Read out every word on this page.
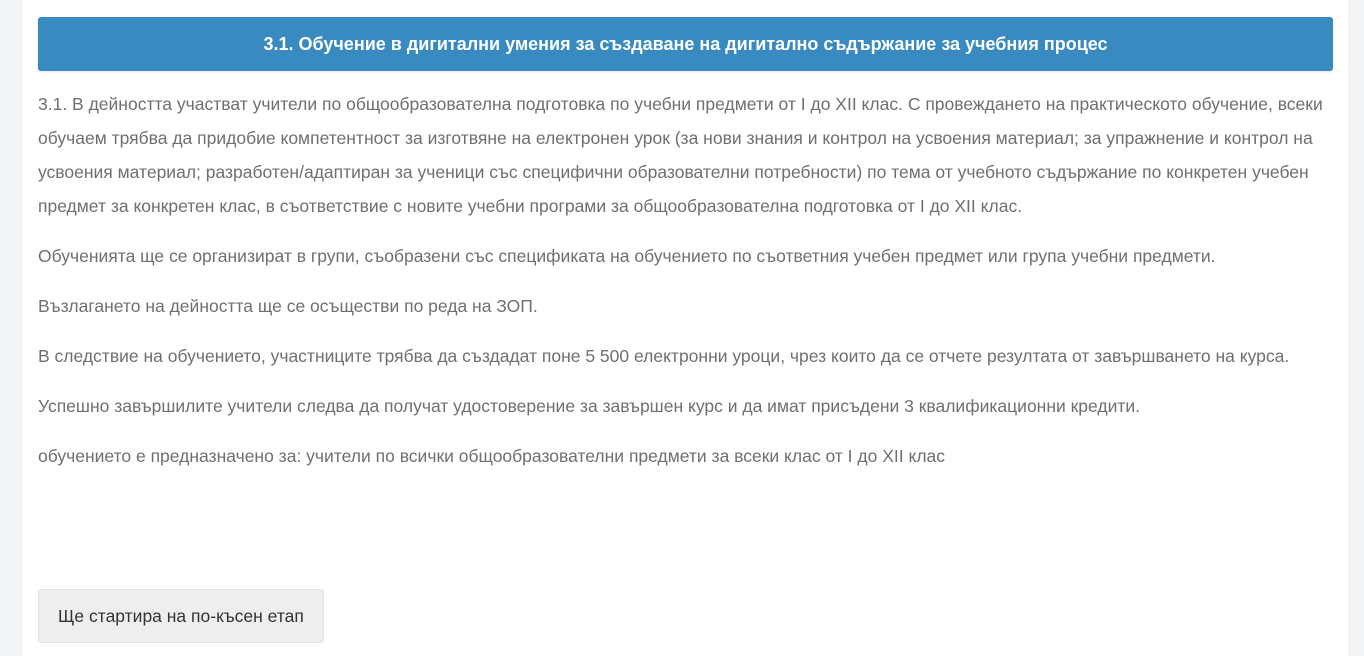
3.1. Обучение в дигитални умения за създаване на дигитално съдържание за учебния процес

3.1. В дейността участват учители по общообразователна подготовка по учебни предмети от I до XII клас. С провеждането на практическото обучение, всеки обучаем трябва да придобие компетентност за изготвяне на електронен урок (за нови знания и контрол на усвоения материал; за упражнение и контрол на усвоения материал; разработен/адаптиран за ученици със специфични образователни потребности) по тема от учебното съдържание по конкретен учебен предмет за конкретен клас, в съответствие с новите учебни програми за общообразователна подготовка от I до XII клас.

Обученията ще се организират в групи, съобразени със спецификата на обучението по съответния учебен предмет или група учебни предмети.

Възлагането на дейността ще се осъществи по реда на ЗОП.

В следствие на обучението, участниците трябва да създадат поне 5 500 електронни уроци, чрез които да се отчете резултата от завършването на курса.

Успешно завършилите учители следва да получат удостоверение за завършен курс и да имат присъдени 3 квалификационни кредити.

обучението е предназначено за: учители по всички общообразователни предмети за всеки клас от I до XII клас

Ще стартира на по-късен етап
